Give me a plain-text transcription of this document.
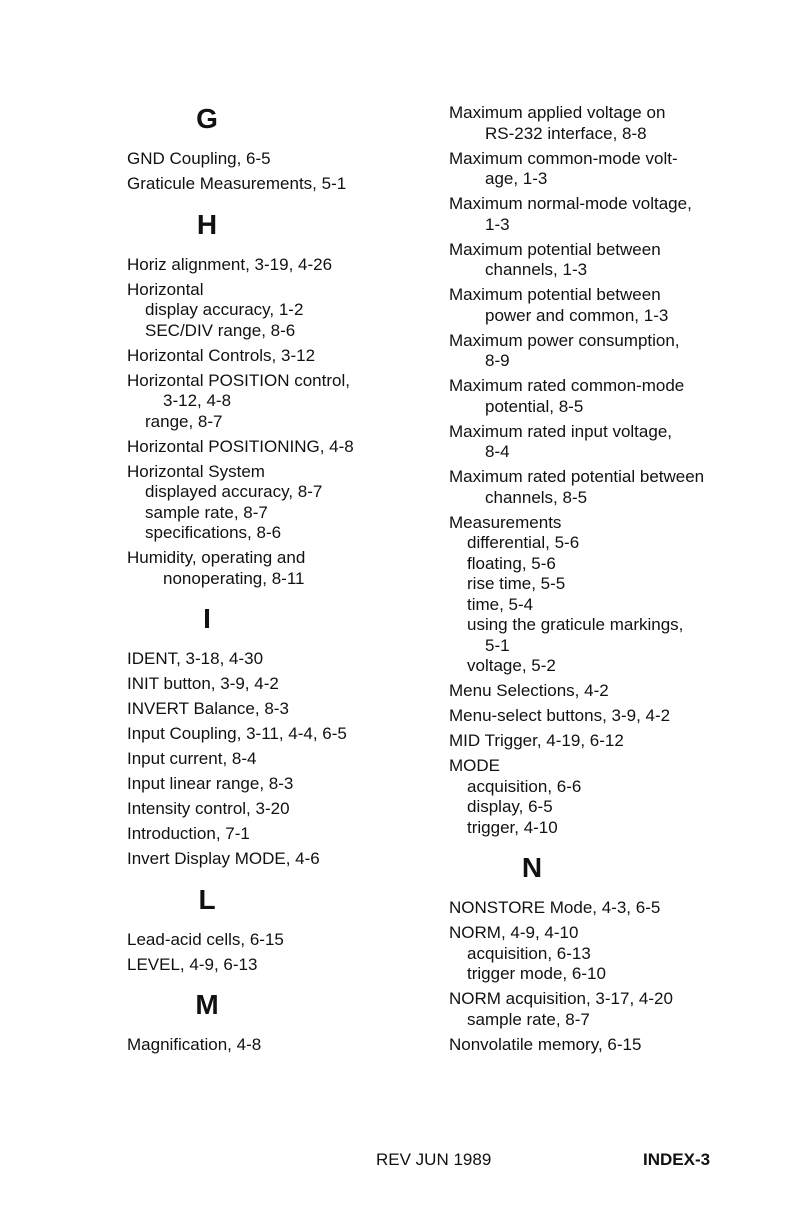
G
GND Coupling, 6-5
Graticule Measurements, 5-1
H
Horiz alignment, 3-19, 4-26
Horizontal
display accuracy, 1-2
SEC/DIV range, 8-6
Horizontal Controls, 3-12
Horizontal POSITION control,
3-12, 4-8
range, 8-7
Horizontal POSITIONING, 4-8
Horizontal System
displayed accuracy, 8-7
sample rate, 8-7
specifications, 8-6
Humidity, operating and
nonoperating, 8-11
I
IDENT, 3-18, 4-30
INIT button, 3-9, 4-2
INVERT Balance, 8-3
Input Coupling, 3-11, 4-4, 6-5
Input current, 8-4
Input linear range, 8-3
Intensity control, 3-20
Introduction, 7-1
Invert Display MODE, 4-6
L
Lead-acid cells, 6-15
LEVEL, 4-9, 6-13
M
Magnification, 4-8
Maximum applied voltage on
RS-232 interface, 8-8
Maximum common-mode volt-
age, 1-3
Maximum normal-mode voltage,
1-3
Maximum potential between
channels, 1-3
Maximum potential between
power and common, 1-3
Maximum power consumption,
8-9
Maximum rated common-mode
potential, 8-5
Maximum rated input voltage,
8-4
Maximum rated potential between
channels, 8-5
Measurements
differential, 5-6
floating, 5-6
rise time, 5-5
time, 5-4
using the graticule markings,
5-1
voltage, 5-2
Menu Selections, 4-2
Menu-select buttons, 3-9, 4-2
MID Trigger, 4-19, 6-12
MODE
acquisition, 6-6
display, 6-5
trigger, 4-10
N
NONSTORE Mode, 4-3, 6-5
NORM, 4-9, 4-10
acquisition, 6-13
trigger mode, 6-10
NORM acquisition, 3-17, 4-20
sample rate, 8-7
Nonvolatile memory, 6-15
REV JUN 1989	INDEX-3
